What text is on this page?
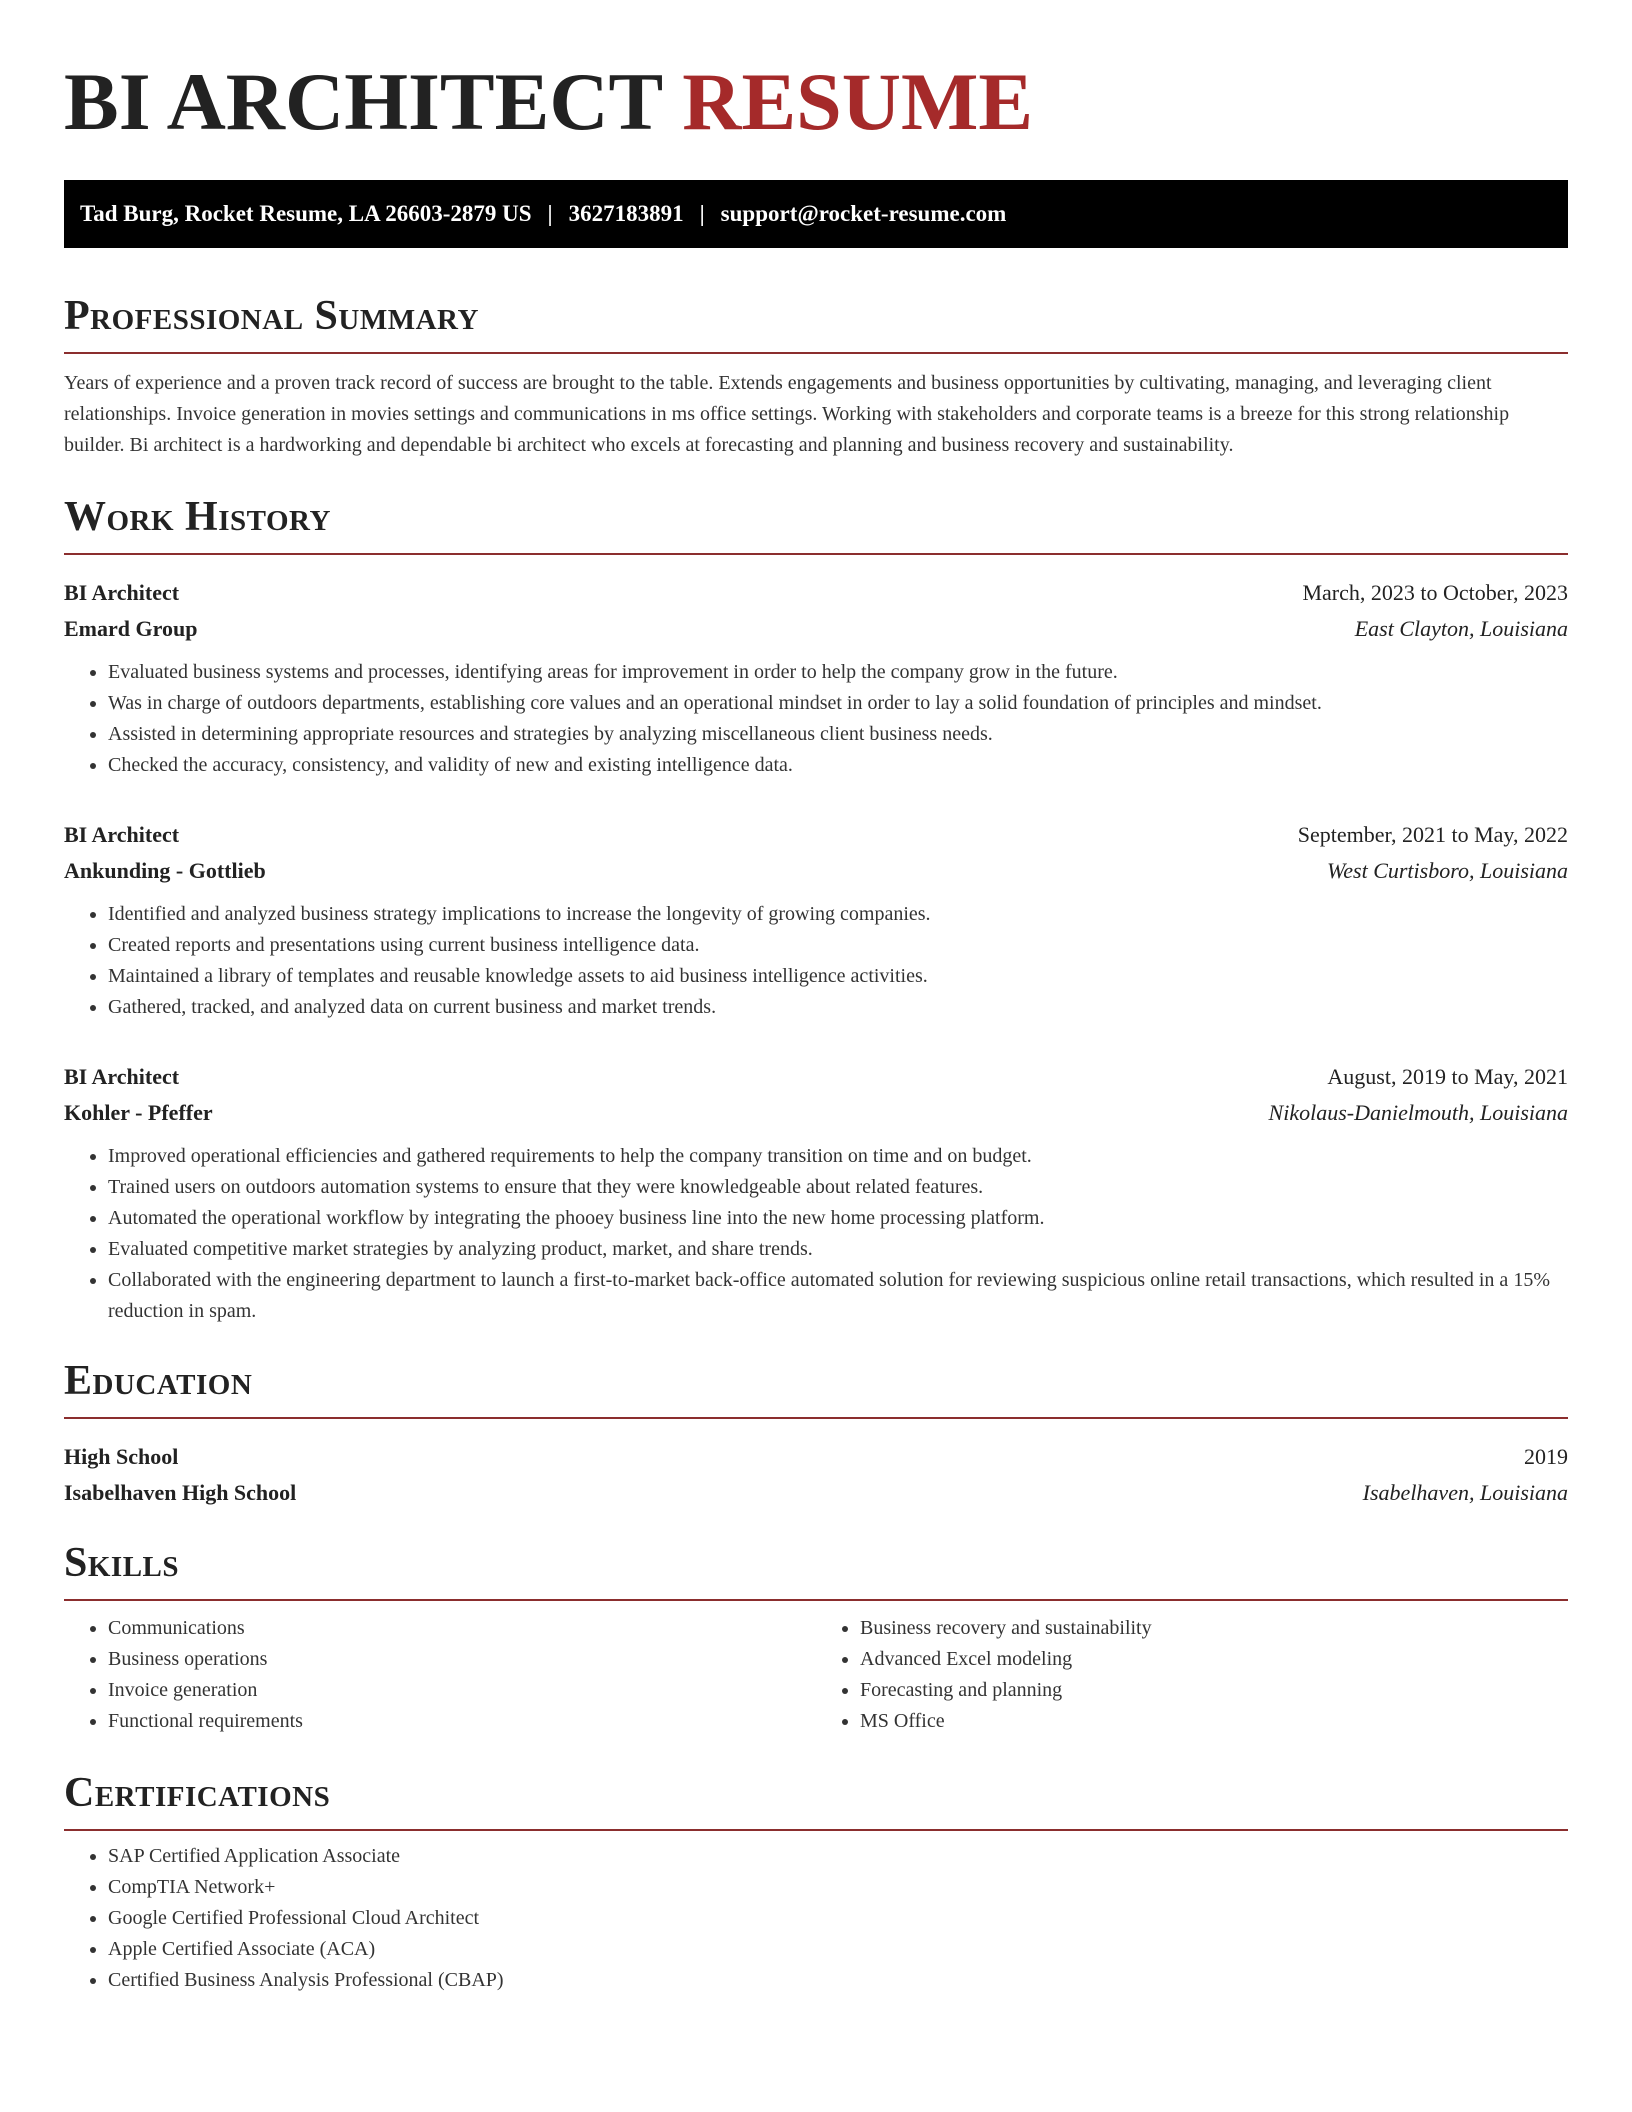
BI ARCHITECT RESUME
Tad Burg, Rocket Resume, LA 26603-2879 US | 3627183891 | support@rocket-resume.com
Professional Summary

Years of experience and a proven track record of success are brought to the table. Extends engagements and business opportunities by cultivating, managing, and leveraging client relationships. Invoice generation in movies settings and communications in ms office settings. Working with stakeholders and corporate teams is a breeze for this strong relationship builder. Bi architect is a hardworking and dependable bi architect who excels at forecasting and planning and business recovery and sustainability.

Work History
BI Architect	March, 2023 to October, 2023
Emard Group	East Clayton, Louisiana
• Evaluated business systems and processes, identifying areas for improvement in order to help the company grow in the future.
• Was in charge of outdoors departments, establishing core values and an operational mindset in order to lay a solid foundation of principles and mindset.
• Assisted in determining appropriate resources and strategies by analyzing miscellaneous client business needs.
• Checked the accuracy, consistency, and validity of new and existing intelligence data.
BI Architect	September, 2021 to May, 2022
Ankunding - Gottlieb	West Curtisboro, Louisiana
• Identified and analyzed business strategy implications to increase the longevity of growing companies.
• Created reports and presentations using current business intelligence data.
• Maintained a library of templates and reusable knowledge assets to aid business intelligence activities.
• Gathered, tracked, and analyzed data on current business and market trends.
BI Architect	August, 2019 to May, 2021
Kohler - Pfeffer	Nikolaus-Danielmouth, Louisiana
• Improved operational efficiencies and gathered requirements to help the company transition on time and on budget.
• Trained users on outdoors automation systems to ensure that they were knowledgeable about related features.
• Automated the operational workflow by integrating the phooey business line into the new home processing platform.
• Evaluated competitive market strategies by analyzing product, market, and share trends.
• Collaborated with the engineering department to launch a first-to-market back-office automated solution for reviewing suspicious online retail transactions, which resulted in a 15% reduction in spam.
Education
High School	2019
Isabelhaven High School	Isabelhaven, Louisiana
Skills
• Communications
• Business operations
• Invoice generation
• Functional requirements
• Business recovery and sustainability
• Advanced Excel modeling
• Forecasting and planning
• MS Office
Certifications
• SAP Certified Application Associate
• CompTIA Network+
• Google Certified Professional Cloud Architect
• Apple Certified Associate (ACA)
• Certified Business Analysis Professional (CBAP)
